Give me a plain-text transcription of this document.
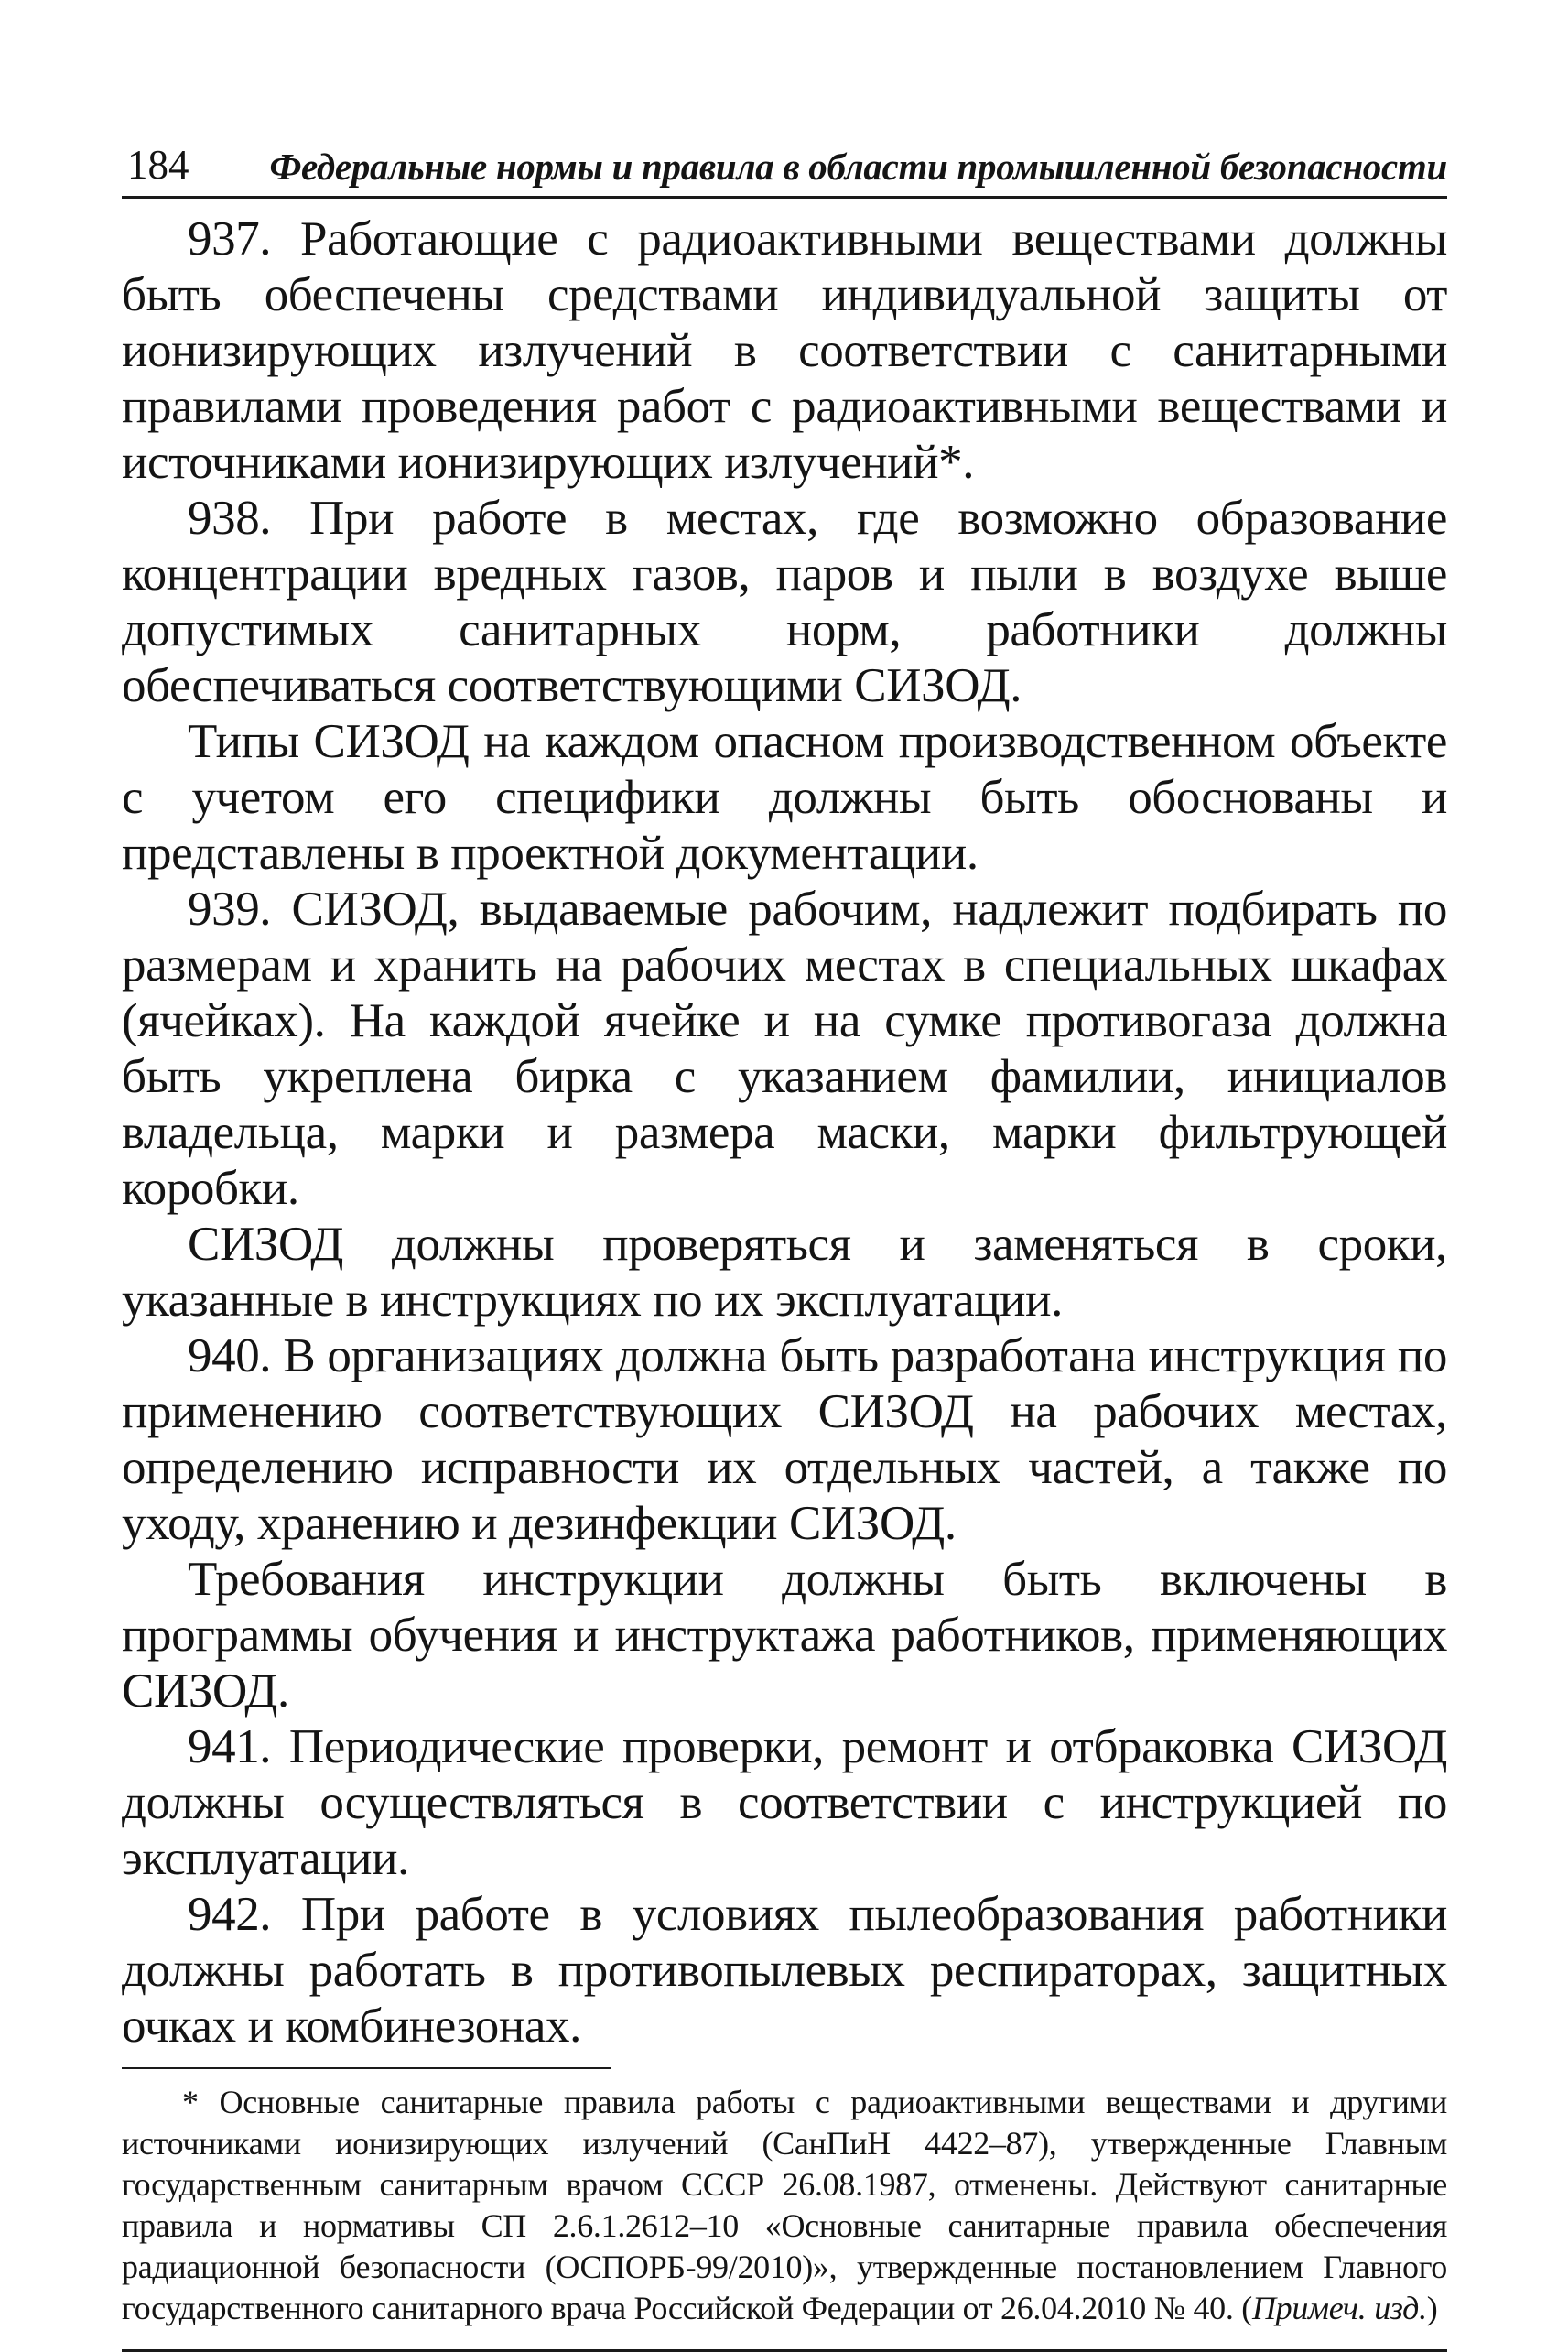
184 Федеральные нормы и правила в области промышленной безопасности

937. Работающие с радиоактивными веществами должны быть обеспечены средствами индивидуальной защиты от ионизирующих излучений в соответствии с санитарными правилами проведения работ с радиоактивными веществами и источниками ионизирующих излучений*.

938. При работе в местах, где возможно образование концентрации вредных газов, паров и пыли в воздухе выше допустимых санитарных норм, работники должны обеспечиваться соответствующими СИЗОД.

Типы СИЗОД на каждом опасном производственном объекте с учетом его специфики должны быть обоснованы и представлены в проектной документации.

939. СИЗОД, выдаваемые рабочим, надлежит подбирать по размерам и хранить на рабочих местах в специальных шкафах (ячейках). На каждой ячейке и на сумке противогаза должна быть укреплена бирка с указанием фамилии, инициалов владельца, марки и размера маски, марки фильтрующей коробки.

СИЗОД должны проверяться и заменяться в сроки, указанные в инструкциях по их эксплуатации.

940. В организациях должна быть разработана инструкция по применению соответствующих СИЗОД на рабочих местах, определению исправности их отдельных частей, а также по уходу, хранению и дезинфекции СИЗОД.

Требования инструкции должны быть включены в программы обучения и инструктажа работников, применяющих СИЗОД.

941. Периодические проверки, ремонт и отбраковка СИЗОД должны осуществляться в соответствии с инструкцией по эксплуатации.

942. При работе в условиях пылеобразования работники должны работать в противопылевых респираторах, защитных очках и комбинезонах.

* Основные санитарные правила работы с радиоактивными веществами и другими источниками ионизирующих излучений (СанПиН 4422–87), утвержденные Главным государственным санитарным врачом СССР 26.08.1987, отменены. Действуют санитарные правила и нормативы СП 2.6.1.2612–10 «Основные санитарные правила обеспечения радиационной безопасности (ОСПОРБ-99/2010)», утвержденные постановлением Главного государственного санитарного врача Российской Федерации от 26.04.2010 № 40. (Примеч. изд.)
